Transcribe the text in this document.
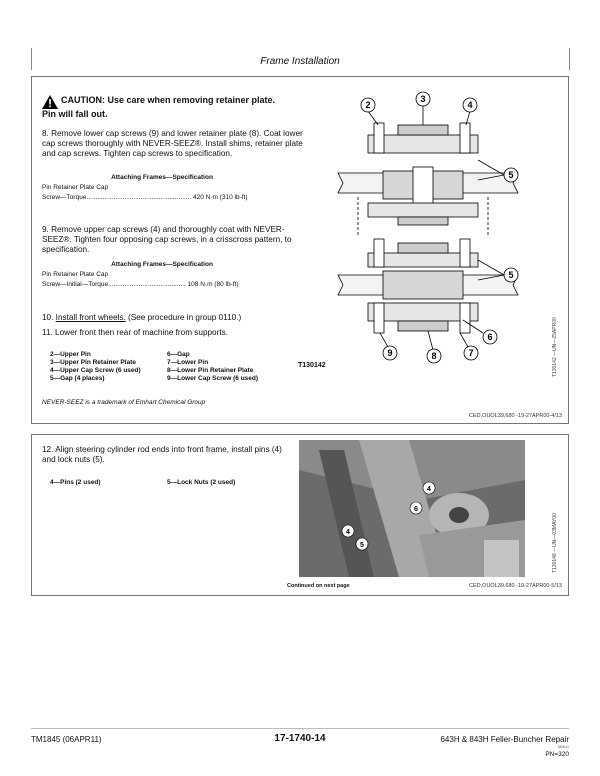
Frame Installation
CAUTION: Use care when removing retainer plate. Pin will fall out.
8. Remove lower cap screws (9) and lower retainer plate (8). Coat lower cap screws thoroughly with NEVER-SEEZ®. Install shims, retainer plate and cap screws. Tighten cap screws to specification.
Attaching Frames—Specification
Pin Retainer Plate Cap
Screw—Torque.......................................................... 420 N·m (310 lb-ft)
9. Remove upper cap screws (4) and thoroughly coat with NEVER-SEEZ®. Tighten four opposing cap screws, in a crisscross pattern, to specification.
Attaching Frames—Specification
Pin Retainer Plate Cap
Screw—Initial—Torque........................................... 108 N·m (80 lb-ft)
10. Install front wheels. (See procedure in group 0110.)
11. Lower front then rear of machine from supports.
2—Upper Pin
3—Upper Pin Retainer Plate
4—Upper Cap Screw (6 used)
5—Gap (4 places)
6—Gap
7—Lower Pin
8—Lower Pin Retainer Plate
9—Lower Cap Screw (6 used)
T130142
2
3
4
5
5
6
7
8
9	T130142 —UN—25APR00
NEVER-SEEZ is a trademark of Emhart Chemical Group
CED,OUOL39,680 -19-27APR00-4/13
12. Align steering cylinder rod ends into front frame, install pins (4) and lock nuts (5).
4—Pins (2 used)	5—Lock Nuts (2 used)
4
6
4
5	T130148 —UN—03MAY00
Continued on next page	CED,OUOL39,680 -19-27APR00-5/13
TM1845 (06APR11)	17-1740-14	643H & 843H Feller-Buncher Repair
040611
PN=320
